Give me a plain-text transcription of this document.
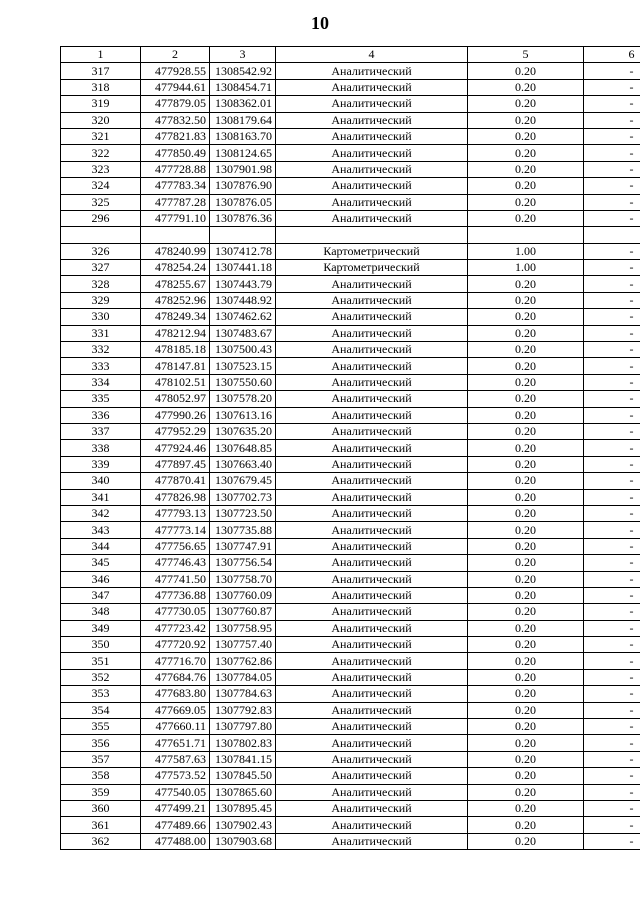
10
1	2	3	4	5	6
317	477928.55	1308542.92	Аналитический	0.20	-
318	477944.61	1308454.71	Аналитический	0.20	-
319	477879.05	1308362.01	Аналитический	0.20	-
320	477832.50	1308179.64	Аналитический	0.20	-
321	477821.83	1308163.70	Аналитический	0.20	-
322	477850.49	1308124.65	Аналитический	0.20	-
323	477728.88	1307901.98	Аналитический	0.20	-
324	477783.34	1307876.90	Аналитический	0.20	-
325	477787.28	1307876.05	Аналитический	0.20	-
296	477791.10	1307876.36	Аналитический	0.20	-

326	478240.99	1307412.78	Картометрический	1.00	-
327	478254.24	1307441.18	Картометрический	1.00	-
328	478255.67	1307443.79	Аналитический	0.20	-
329	478252.96	1307448.92	Аналитический	0.20	-
330	478249.34	1307462.62	Аналитический	0.20	-
331	478212.94	1307483.67	Аналитический	0.20	-
332	478185.18	1307500.43	Аналитический	0.20	-
333	478147.81	1307523.15	Аналитический	0.20	-
334	478102.51	1307550.60	Аналитический	0.20	-
335	478052.97	1307578.20	Аналитический	0.20	-
336	477990.26	1307613.16	Аналитический	0.20	-
337	477952.29	1307635.20	Аналитический	0.20	-
338	477924.46	1307648.85	Аналитический	0.20	-
339	477897.45	1307663.40	Аналитический	0.20	-
340	477870.41	1307679.45	Аналитический	0.20	-
341	477826.98	1307702.73	Аналитический	0.20	-
342	477793.13	1307723.50	Аналитический	0.20	-
343	477773.14	1307735.88	Аналитический	0.20	-
344	477756.65	1307747.91	Аналитический	0.20	-
345	477746.43	1307756.54	Аналитический	0.20	-
346	477741.50	1307758.70	Аналитический	0.20	-
347	477736.88	1307760.09	Аналитический	0.20	-
348	477730.05	1307760.87	Аналитический	0.20	-
349	477723.42	1307758.95	Аналитический	0.20	-
350	477720.92	1307757.40	Аналитический	0.20	-
351	477716.70	1307762.86	Аналитический	0.20	-
352	477684.76	1307784.05	Аналитический	0.20	-
353	477683.80	1307784.63	Аналитический	0.20	-
354	477669.05	1307792.83	Аналитический	0.20	-
355	477660.11	1307797.80	Аналитический	0.20	-
356	477651.71	1307802.83	Аналитический	0.20	-
357	477587.63	1307841.15	Аналитический	0.20	-
358	477573.52	1307845.50	Аналитический	0.20	-
359	477540.05	1307865.60	Аналитический	0.20	-
360	477499.21	1307895.45	Аналитический	0.20	-
361	477489.66	1307902.43	Аналитический	0.20	-
362	477488.00	1307903.68	Аналитический	0.20	-
